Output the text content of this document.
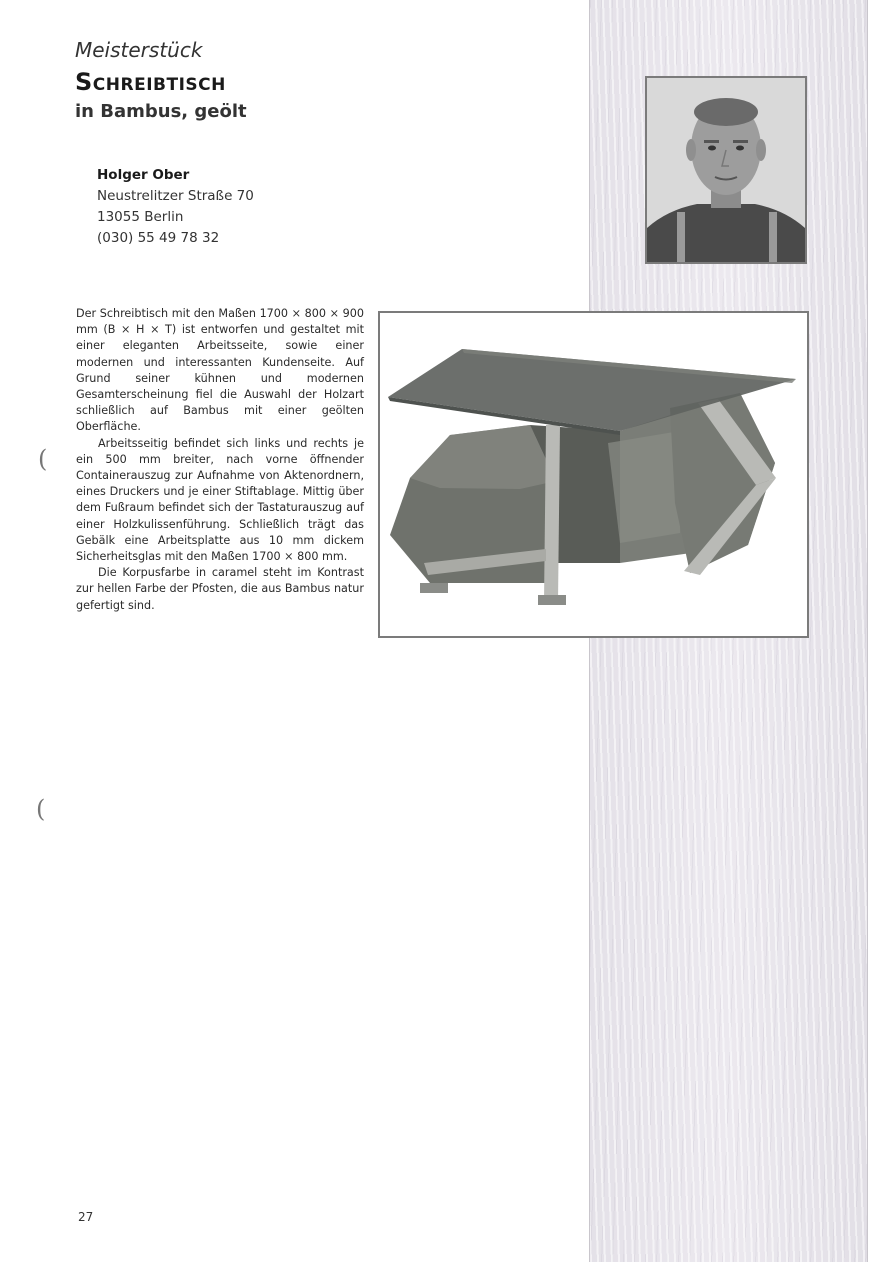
Meisterstück
Schreibtisch
in Bambus, geölt
Holger Ober
Neustrelitzer Straße 70
13055 Berlin
(030) 55 49 78 32

Der Schreibtisch mit den Maßen 1700 × 800 × 900 mm (B × H × T) ist entworfen und gestaltet mit einer eleganten Arbeitsseite, sowie einer modernen und interessanten Kundenseite. Auf Grund seiner kühnen und modernen Gesamterscheinung fiel die Auswahl der Holzart schließlich auf Bambus mit einer geölten Oberfläche.

Arbeitsseitig befindet sich links und rechts je ein 500 mm breiter, nach vorne öffnender Containerauszug zur Aufnahme von Aktenordnern, eines Druckers und je einer Stiftablage. Mittig über dem Fußraum befindet sich der Tastaturauszug auf einer Holzkulissenführung. Schließlich trägt das Gebälk eine Arbeitsplatte aus 10 mm dickem Sicherheitsglas mit den Maßen 1700 × 800 mm.

Die Korpusfarbe in caramel steht im Kontrast zur hellen Farbe der Pfosten, die aus Bambus natur gefertigt sind.

27
(
(
